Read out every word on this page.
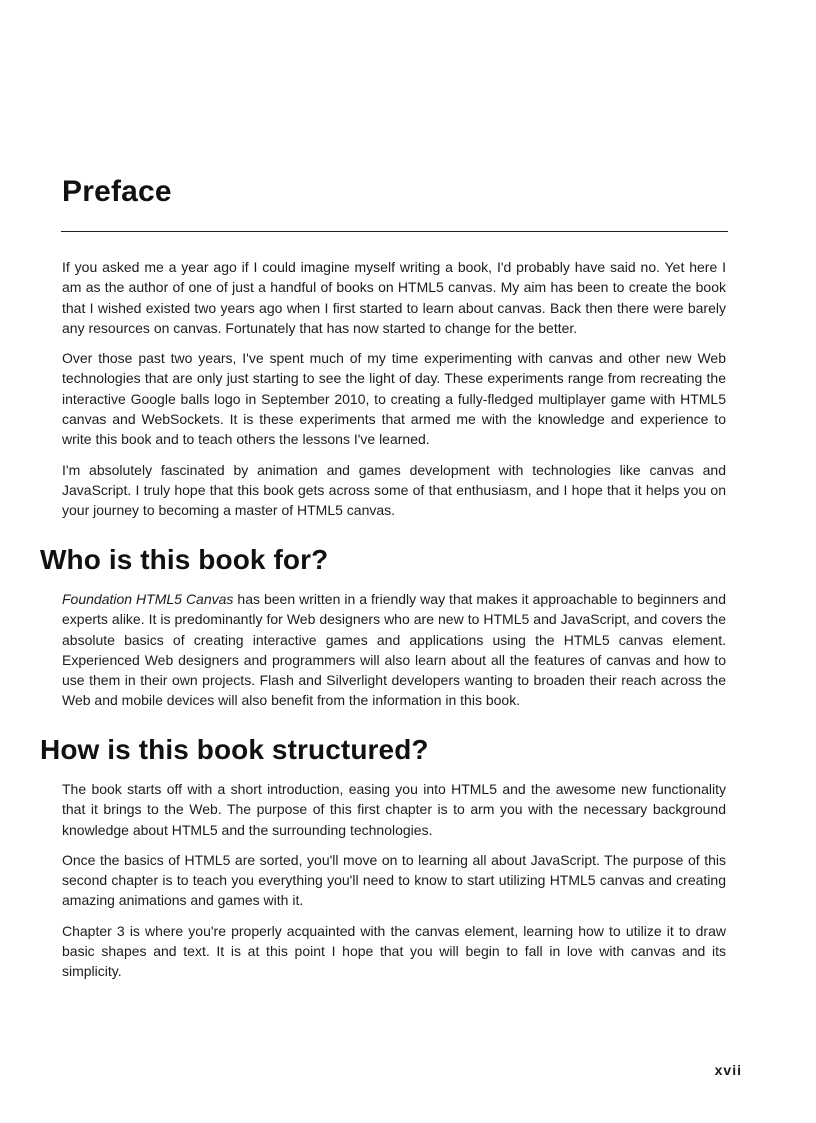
Preface

If you asked me a year ago if I could imagine myself writing a book, I'd probably have said no. Yet here I am as the author of one of just a handful of books on HTML5 canvas. My aim has been to create the book that I wished existed two years ago when I first started to learn about canvas. Back then there were barely any resources on canvas. Fortunately that has now started to change for the better.

Over those past two years, I've spent much of my time experimenting with canvas and other new Web technologies that are only just starting to see the light of day. These experiments range from recreating the interactive Google balls logo in September 2010, to creating a fully-fledged multiplayer game with HTML5 canvas and WebSockets. It is these experiments that armed me with the knowledge and experience to write this book and to teach others the lessons I've learned.

I'm absolutely fascinated by animation and games development with technologies like canvas and JavaScript. I truly hope that this book gets across some of that enthusiasm, and I hope that it helps you on your journey to becoming a master of HTML5 canvas.

Who is this book for?

Foundation HTML5 Canvas has been written in a friendly way that makes it approachable to beginners and experts alike. It is predominantly for Web designers who are new to HTML5 and JavaScript, and covers the absolute basics of creating interactive games and applications using the HTML5 canvas element. Experienced Web designers and programmers will also learn about all the features of canvas and how to use them in their own projects. Flash and Silverlight developers wanting to broaden their reach across the Web and mobile devices will also benefit from the information in this book.

How is this book structured?

The book starts off with a short introduction, easing you into HTML5 and the awesome new functionality that it brings to the Web. The purpose of this first chapter is to arm you with the necessary background knowledge about HTML5 and the surrounding technologies.

Once the basics of HTML5 are sorted, you'll move on to learning all about JavaScript. The purpose of this second chapter is to teach you everything you'll need to know to start utilizing HTML5 canvas and creating amazing animations and games with it.

Chapter 3 is where you're properly acquainted with the canvas element, learning how to utilize it to draw basic shapes and text. It is at this point I hope that you will begin to fall in love with canvas and its simplicity.

xvii
